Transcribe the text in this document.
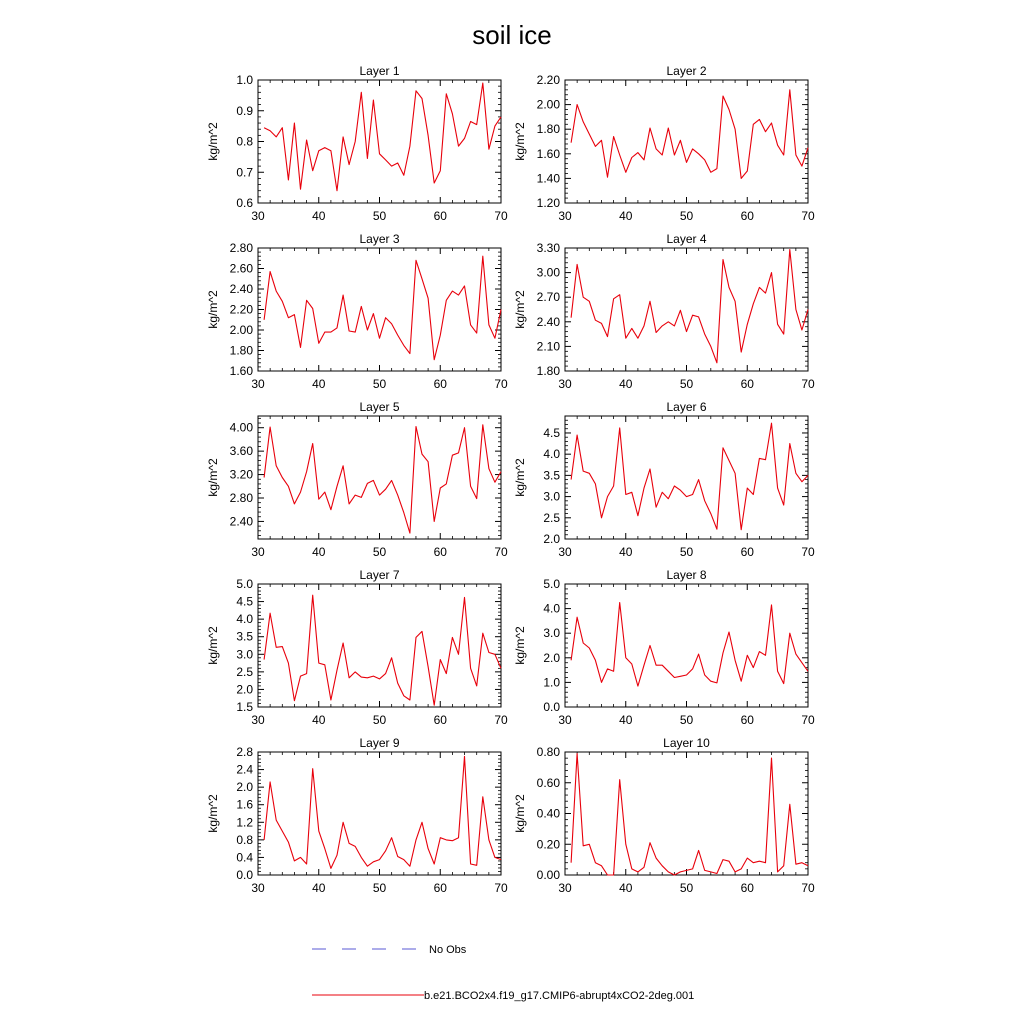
soil ice
Layer 1
30	40	50	60	70
0.6
0.7
0.8
0.9
1.0
kg/m^2
Layer 2
30	40	50	60	70
1.20
1.40
1.60
1.80
2.00
2.20
kg/m^2
Layer 3
30	40	50	60	70
1.60
1.80
2.00
2.20
2.40
2.60
2.80
kg/m^2
Layer 4
30	40	50	60	70
1.80
2.10
2.40
2.70
3.00
3.30
kg/m^2
Layer 5
30	40	50	60	70
2.40
2.80
3.20
3.60
4.00
kg/m^2
Layer 6
30	40	50	60	70
2.0
2.5
3.0
3.5
4.0
4.5
kg/m^2
Layer 7
30	40	50	60	70
1.5
2.0
2.5
3.0
3.5
4.0
4.5
5.0
kg/m^2
Layer 8
30	40	50	60	70
0.0
1.0
2.0
3.0
4.0
5.0
kg/m^2
Layer 9
30	40	50	60	70
0.0
0.4
0.8
1.2
1.6
2.0
2.4
2.8
kg/m^2
Layer 10
30	40	50	60	70
0.00
0.20
0.40
0.60
0.80
kg/m^2
No Obs
b.e21.BCO2x4.f19_g17.CMIP6-abrupt4xCO2-2deg.001
